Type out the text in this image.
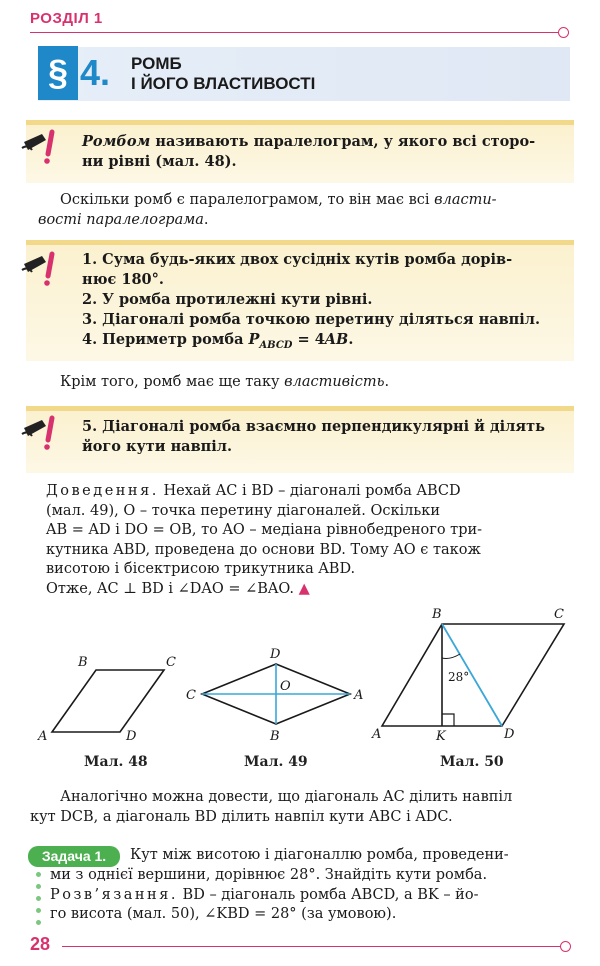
РОЗДІЛ 1
§ 4. РОМБ
І ЙОГО ВЛАСТИВОСТІ
Ромбом називають паралелограм, у якого всі сторо-
ни рівні (мал. 48).
Оскільки ромб є паралелограмом, то він має всі власти-
вості паралелограма.
1. Сума будь-яких двох сусідніх кутів ромба дорів-
нює 180°.
2. У ромба протилежні кути рівні.
3. Діагоналі ромба точкою перетину діляться навпіл.
4. Периметр ромба $P_{ABCD} = 4AB$.
Крім того, ромб має ще таку властивість.
5. Діагоналі ромба взаємно перпендикулярні й ділять
його кути навпіл.
Доведення. Нехай AC і BD – діагоналі ромба ABCD
(мал. 49), O – точка перетину діагоналей. Оскільки
AB = AD і DO = OB, то AO – медіана рівнобедреного три-
кутника ABD, проведена до основи BD. Тому AO є також
висотою і бісектрисою трикутника ABD.
Отже, AC ⊥ BD і ∠DAO = ∠BAO. ▲
A
B	C
D
Мал. 48
A
B
C
D
O
Мал. 49
28°
A
B	C
D
K
Мал. 50
Аналогічно можна довести, що діагональ AC ділить навпіл
кут DCB, а діагональ BD ділить навпіл кути ABC і ADC.
Задача 1.	Кут між висотою і діагоналлю ромба, проведени-
ми з однієї вершини, дорівнює 28°. Знайдіть кути ромба.
Розв’язання. BD – діагональ ромба ABCD, а BK – йо-
го висота (мал. 50), ∠KBD = 28° (за умовою).
28
